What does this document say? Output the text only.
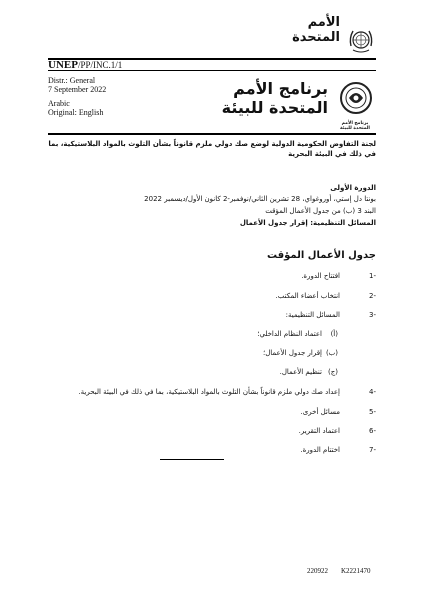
الأمم المتحدة
UNEP/PP/INC.1/1
Distr.: General
7 September 2022
Arabic
Original: English
برنامج الأمم المتحدة للبيئة
برنامج الأمم المتحدة للبيئة
لجنة التفاوض الحكومية الدولية لوضع صك دولي ملزم قانوناً بشأن التلوث بالمواد البلاستيكية، بما في ذلك في البيئة البحرية
الدورة الأولى
بونتا دل إستي، أوروغواي، 28 تشرين الثاني/نوفمبر-2 كانون الأول/ديسمبر 2022
البند 3 (ب) من جدول الأعمال المؤقت
المسائل التنظيمية: إقرار جدول الأعمال
جدول الأعمال المؤقت
-1
افتتاح الدورة.
-2
انتخاب أعضاء المكتب.
-3
المسائل التنظيمية:
(أ)
اعتماد النظام الداخلي؛
(ب)
إقرار جدول الأعمال؛
(ج)
تنظيم الأعمال.
-4
إعداد صك دولي ملزم قانوناً بشأن التلوث بالمواد البلاستيكية، بما في ذلك في البيئة البحرية.
-5
مسائل أخرى.
-6
اعتماد التقرير.
-7
اختتام الدورة.
220922 K2221470
